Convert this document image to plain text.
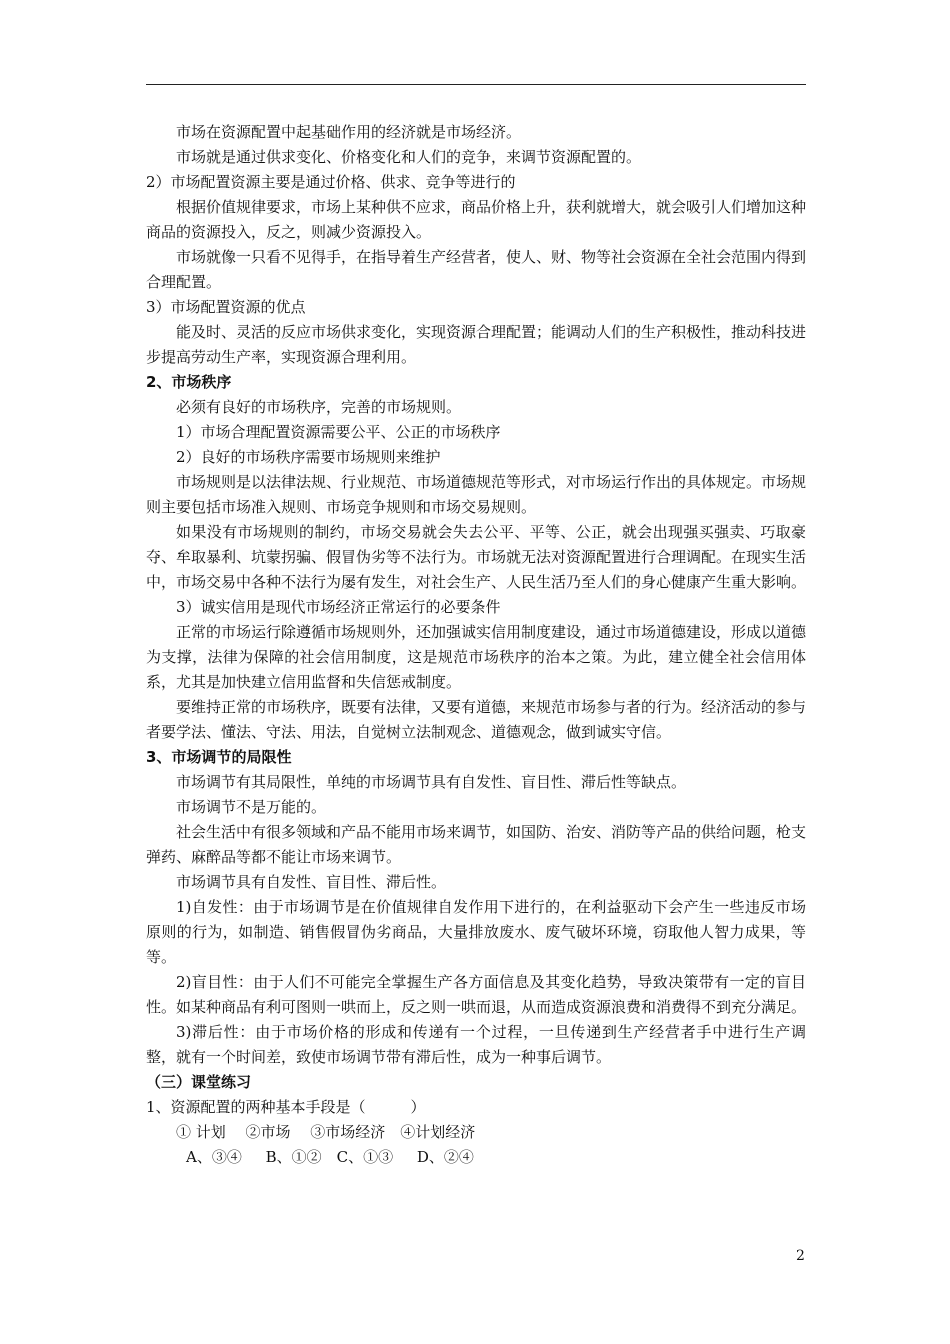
市场在资源配置中起基础作用的经济就是市场经济。

市场就是通过供求变化、价格变化和人们的竞争，来调节资源配置的。

2）市场配置资源主要是通过价格、供求、竞争等进行的

根据价值规律要求，市场上某种供不应求，商品价格上升，获利就增大，就会吸引人们增加这种商品的资源投入，反之，则减少资源投入。

市场就像一只看不见得手，在指导着生产经营者，使人、财、物等社会资源在全社会范围内得到合理配置。

3）市场配置资源的优点

能及时、灵活的反应市场供求变化，实现资源合理配置；能调动人们的生产积极性，推动科技进步提高劳动生产率，实现资源合理利用。

2、市场秩序

必须有良好的市场秩序，完善的市场规则。

1）市场合理配置资源需要公平、公正的市场秩序

2）良好的市场秩序需要市场规则来维护

市场规则是以法律法规、行业规范、市场道德规范等形式，对市场运行作出的具体规定。市场规则主要包括市场准入规则、市场竞争规则和市场交易规则。

如果没有市场规则的制约，市场交易就会失去公平、平等、公正，就会出现强买强卖、巧取豪夺、牟取暴利、坑蒙拐骗、假冒伪劣等不法行为。市场就无法对资源配置进行合理调配。在现实生活中，市场交易中各种不法行为屡有发生，对社会生产、人民生活乃至人们的身心健康产生重大影响。

3）诚实信用是现代市场经济正常运行的必要条件

正常的市场运行除遵循市场规则外，还加强诚实信用制度建设，通过市场道德建设，形成以道德为支撑，法律为保障的社会信用制度，这是规范市场秩序的治本之策。为此，建立健全社会信用体系，尤其是加快建立信用监督和失信惩戒制度。

要维持正常的市场秩序，既要有法律，又要有道德，来规范市场参与者的行为。经济活动的参与者要学法、懂法、守法、用法，自觉树立法制观念、道德观念，做到诚实守信。

3、市场调节的局限性

市场调节有其局限性，单纯的市场调节具有自发性、盲目性、滞后性等缺点。

市场调节不是万能的。

社会生活中有很多领域和产品不能用市场来调节，如国防、治安、消防等产品的供给问题，枪支弹药、麻醉品等都不能让市场来调节。

市场调节具有自发性、盲目性、滞后性。

1)自发性：由于市场调节是在价值规律自发作用下进行的，在利益驱动下会产生一些违反市场原则的行为，如制造、销售假冒伪劣商品，大量排放废水、废气破坏环境，窃取他人智力成果，等等。

2)盲目性：由于人们不可能完全掌握生产各方面信息及其变化趋势，导致决策带有一定的盲目性。如某种商品有利可图则一哄而上，反之则一哄而退，从而造成资源浪费和消费得不到充分满足。

3)滞后性：由于市场价格的形成和传递有一个过程，一旦传递到生产经营者手中进行生产调整，就有一个时间差，致使市场调节带有滞后性，成为一种事后调节。

（三）课堂练习

1、资源配置的两种基本手段是（　　　）

① 计划　 ②市场　 ③市场经济　④计划经济

A、③④　 B、①②　C、①③　 D、②④

2
